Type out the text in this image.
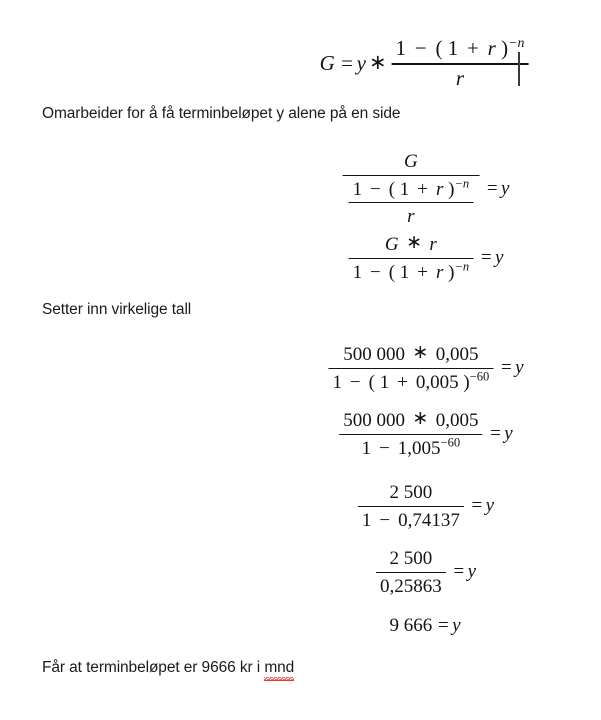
G = y ∗
1 − ( 1 + r )$^{-n}$
r
Omarbeider for å få terminbeløpet y alene på en side
G
1 − ( 1 + r )$^{-n}$
r
= y
G ∗ r
1 − ( 1 + r )$^{-n}$ = y
Setter inn virkelige tall
500 000 ∗ 0,005
1 − ( 1 + 0,005 )$^{-60}$ = y
$\frac{500 000 ∗ 0,005}{1 - 1,005^{-60}} = y$
$\frac{2 500}{1 - 0,74137} = y$
$\frac{2 500}{0,25863} = y$
9 666 = y
Får at terminbeløpet er 9666 kr i mnd
